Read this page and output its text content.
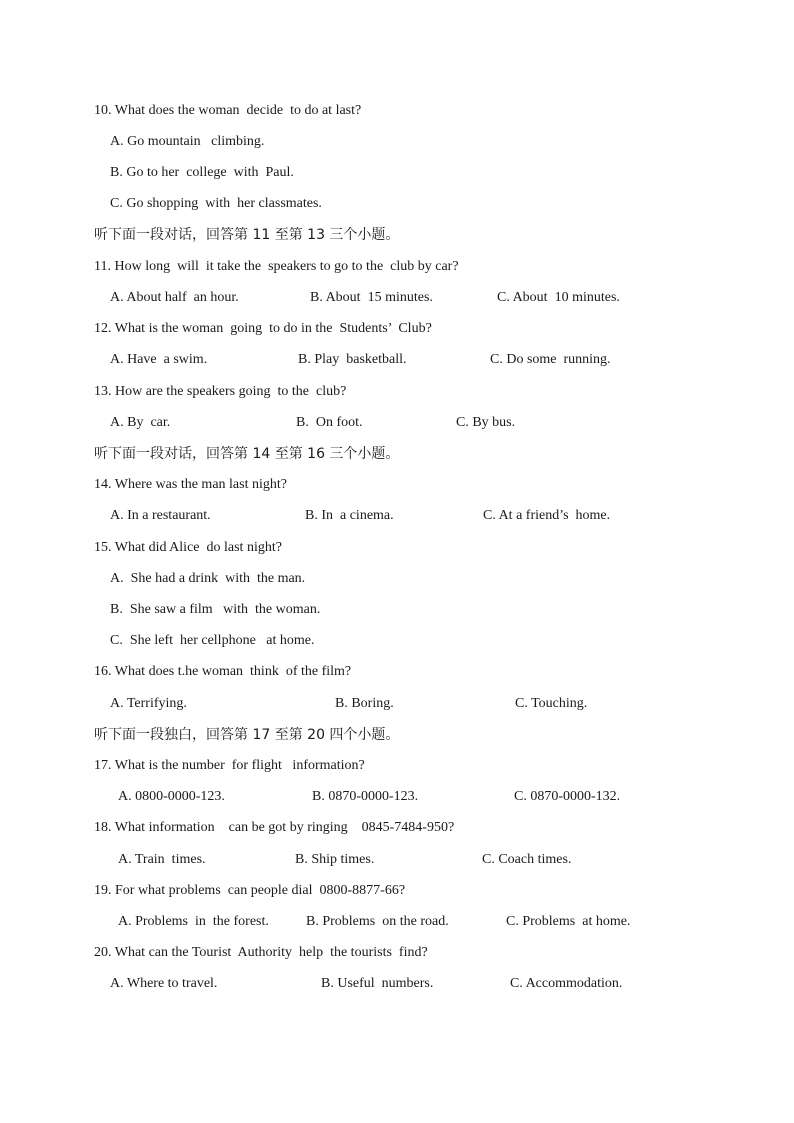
10. What does the woman  decide  to do at last?
A. Go mountain   climbing.
B. Go to her  college  with  Paul.
C. Go shopping  with  her classmates.
听下面一段对话，回答第 11 至第 13 三个小题。
11. How long  will  it take the  speakers to go to the  club by car?
A. About half  an hour.	B. About  15 minutes.	C. About  10 minutes.
12. What is the woman  going  to do in the  Students’  Club?
A. Have  a swim.	B. Play  basketball.	C. Do some  running.
13. How are the speakers going  to the  club?
A. By  car.	B.  On foot.	C. By bus.
听下面一段对话，回答第 14 至第 16 三个小题。
14. Where was the man last night?
A. In a restaurant.	B. In  a cinema.	C. At a friend’s  home.
15. What did Alice  do last night?
A.  She had a drink  with  the man.
B.  She saw a film   with  the woman.
C.  She left  her cellphone   at home.
16. What does t.he woman  think  of the film?
A. Terrifying.	B. Boring.	C. Touching.
听下面一段独白，回答第 17 至第 20 四个小题。
17. What is the number  for flight   information?
A. 0800-0000-123.	B. 0870-0000-123.	C. 0870-0000-132.
18. What information    can be got by ringing    0845-7484-950?
A. Train  times.	B. Ship times.	C. Coach times.
19. For what problems  can people dial  0800-8877-66?
A. Problems  in  the forest.	B. Problems  on the road.	C. Problems  at home.
20. What can the Tourist  Authority  help  the tourists  find?
A. Where to travel.	B. Useful  numbers.	C. Accommodation.
